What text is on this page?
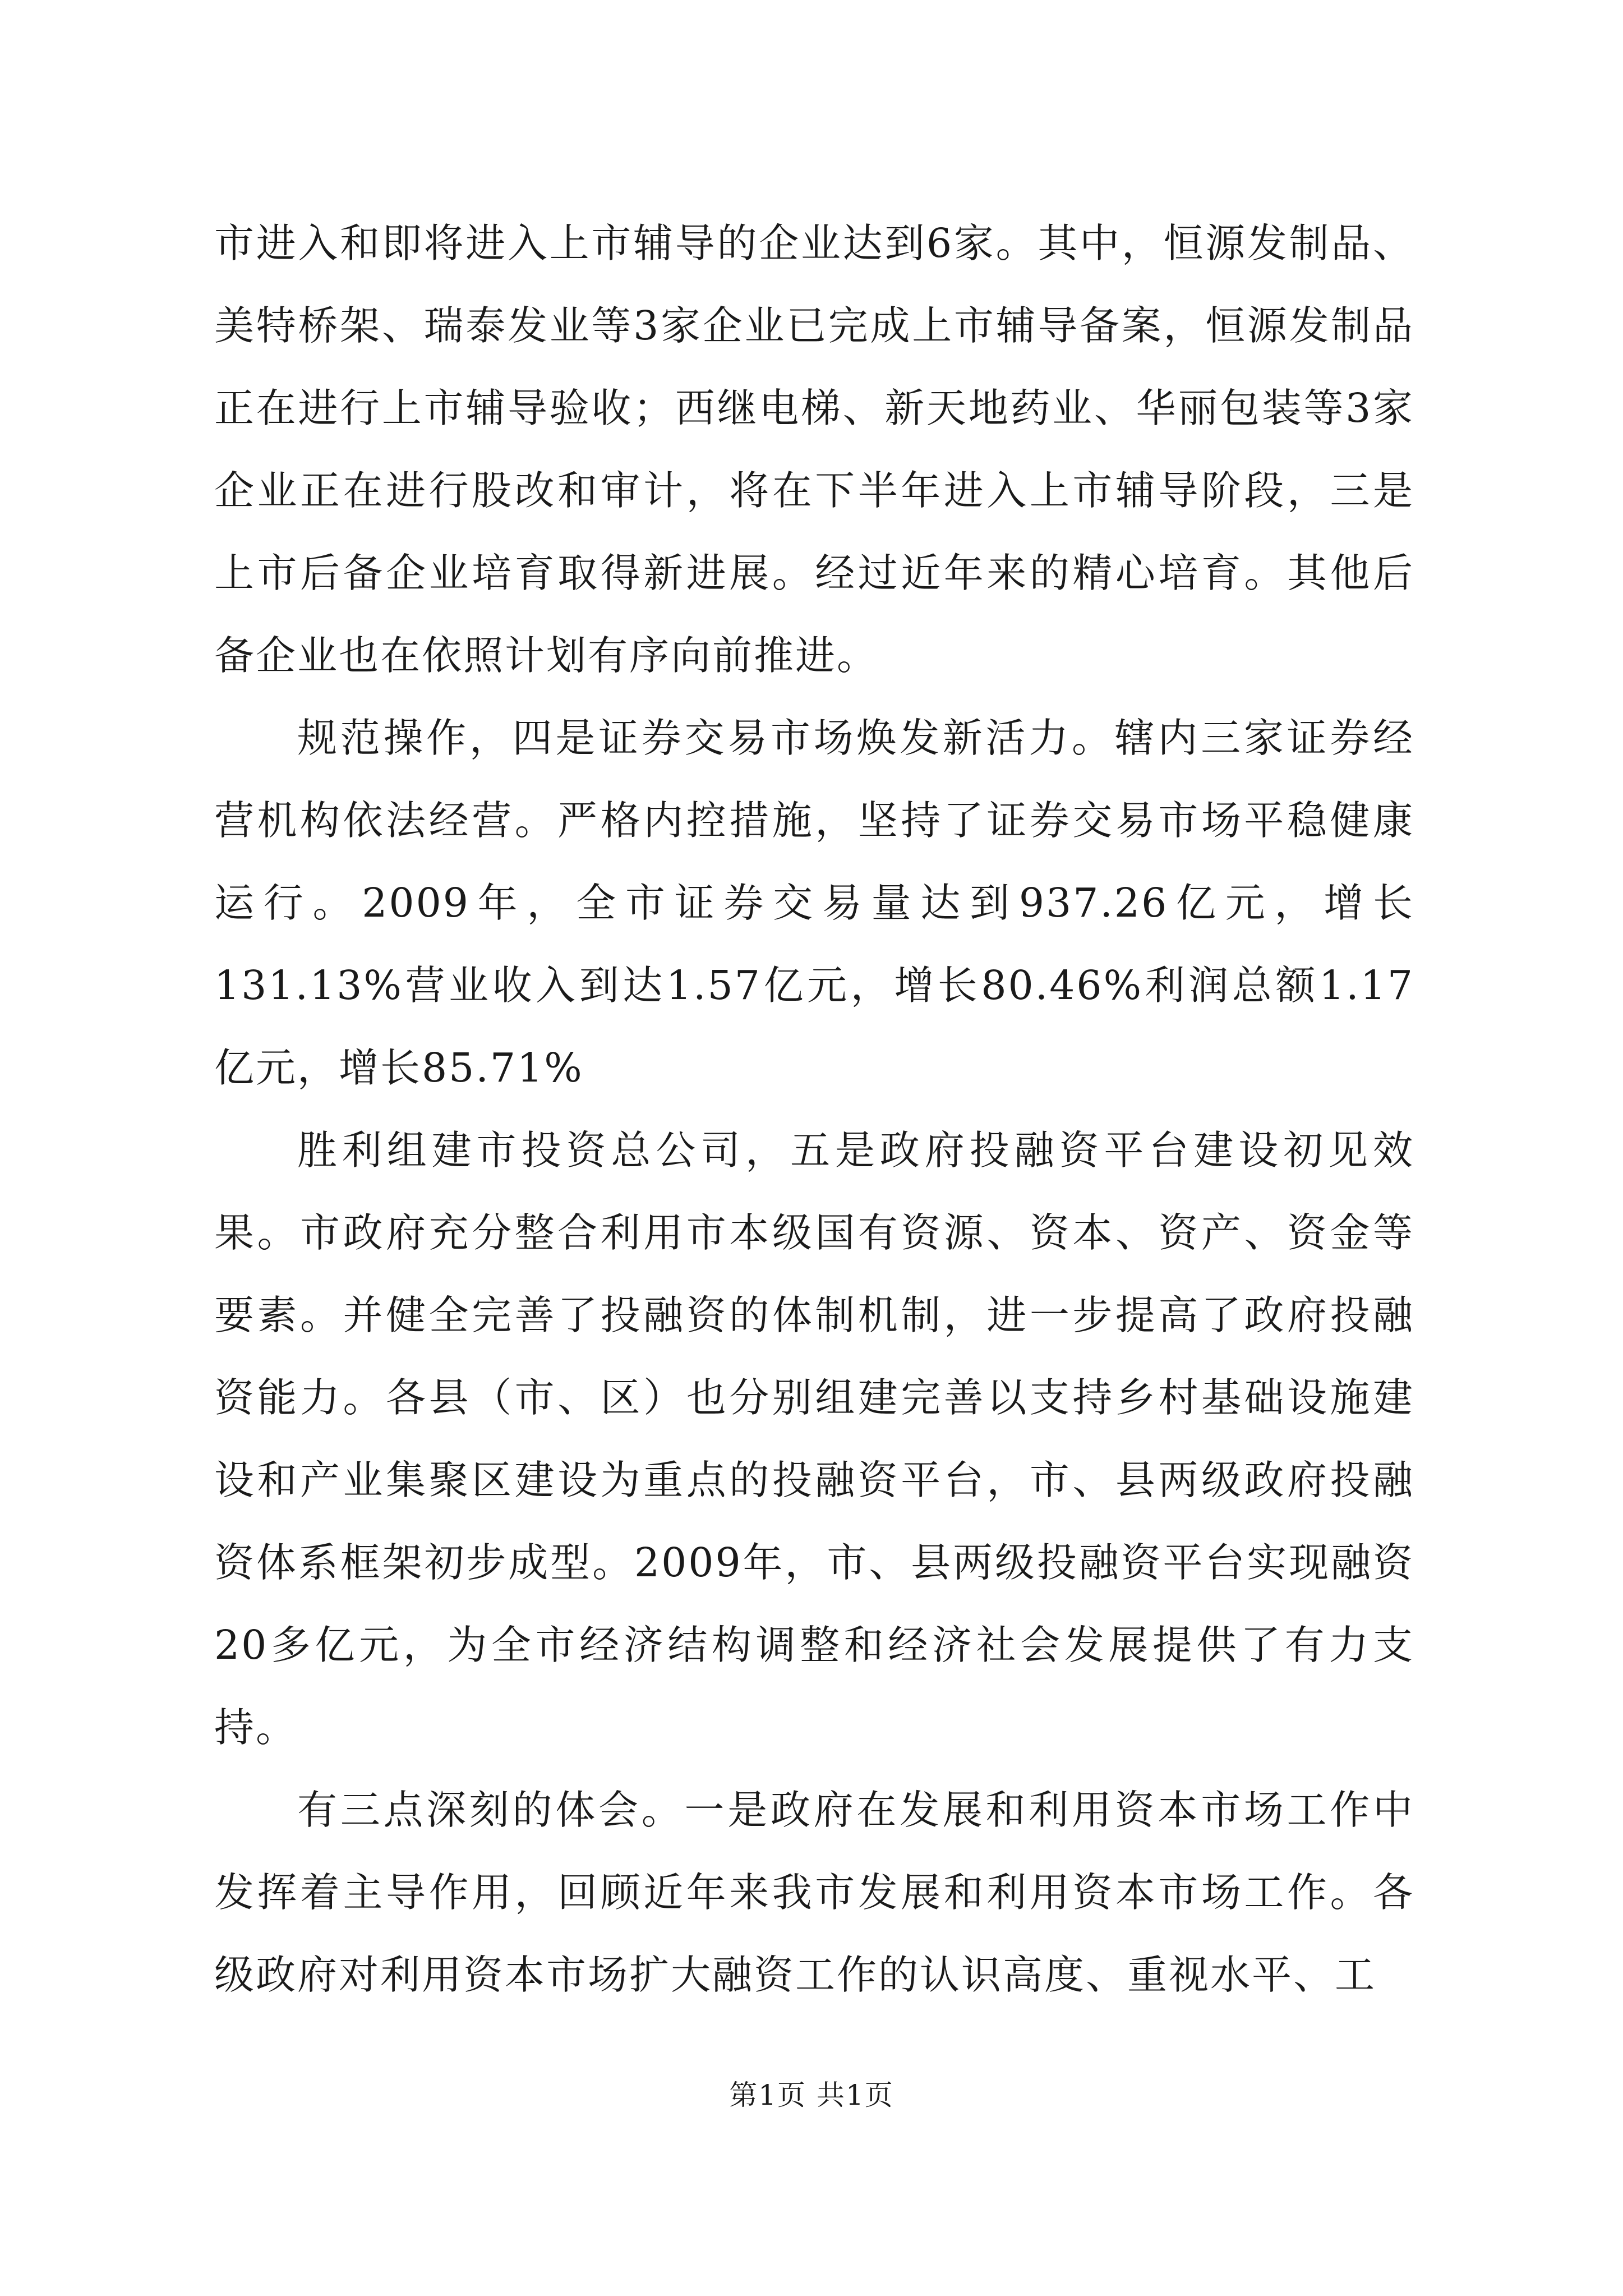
市进入和即将进入上市辅导的企业达到6家。其中，恒源发制品、美特桥架、瑞泰发业等3家企业已完成上市辅导备案，恒源发制品正在进行上市辅导验收；西继电梯、新天地药业、华丽包装等3家企业正在进行股改和审计，将在下半年进入上市辅导阶段，三是上市后备企业培育取得新进展。经过近年来的精心培育。其他后备企业也在依照计划有序向前推进。

规范操作，四是证券交易市场焕发新活力。辖内三家证券经营机构依法经营。严格内控措施，坚持了证券交易市场平稳健康运行。2009年，全市证券交易量达到937.26亿元，增长131.13%营业收入到达1.57亿元，增长80.46%利润总额1.17亿元，增长85.71%

胜利组建市投资总公司，五是政府投融资平台建设初见效果。市政府充分整合利用市本级国有资源、资本、资产、资金等要素。并健全完善了投融资的体制机制，进一步提高了政府投融资能力。各县（市、区）也分别组建完善以支持乡村基础设施建设和产业集聚区建设为重点的投融资平台，市、县两级政府投融资体系框架初步成型。2009年，市、县两级投融资平台实现融资20多亿元，为全市经济结构调整和经济社会发展提供了有力支持。

有三点深刻的体会。一是政府在发展和利用资本市场工作中发挥着主导作用，回顾近年来我市发展和利用资本市场工作。各级政府对利用资本市场扩大融资工作的认识高度、重视水平、工

第1页 共1页
